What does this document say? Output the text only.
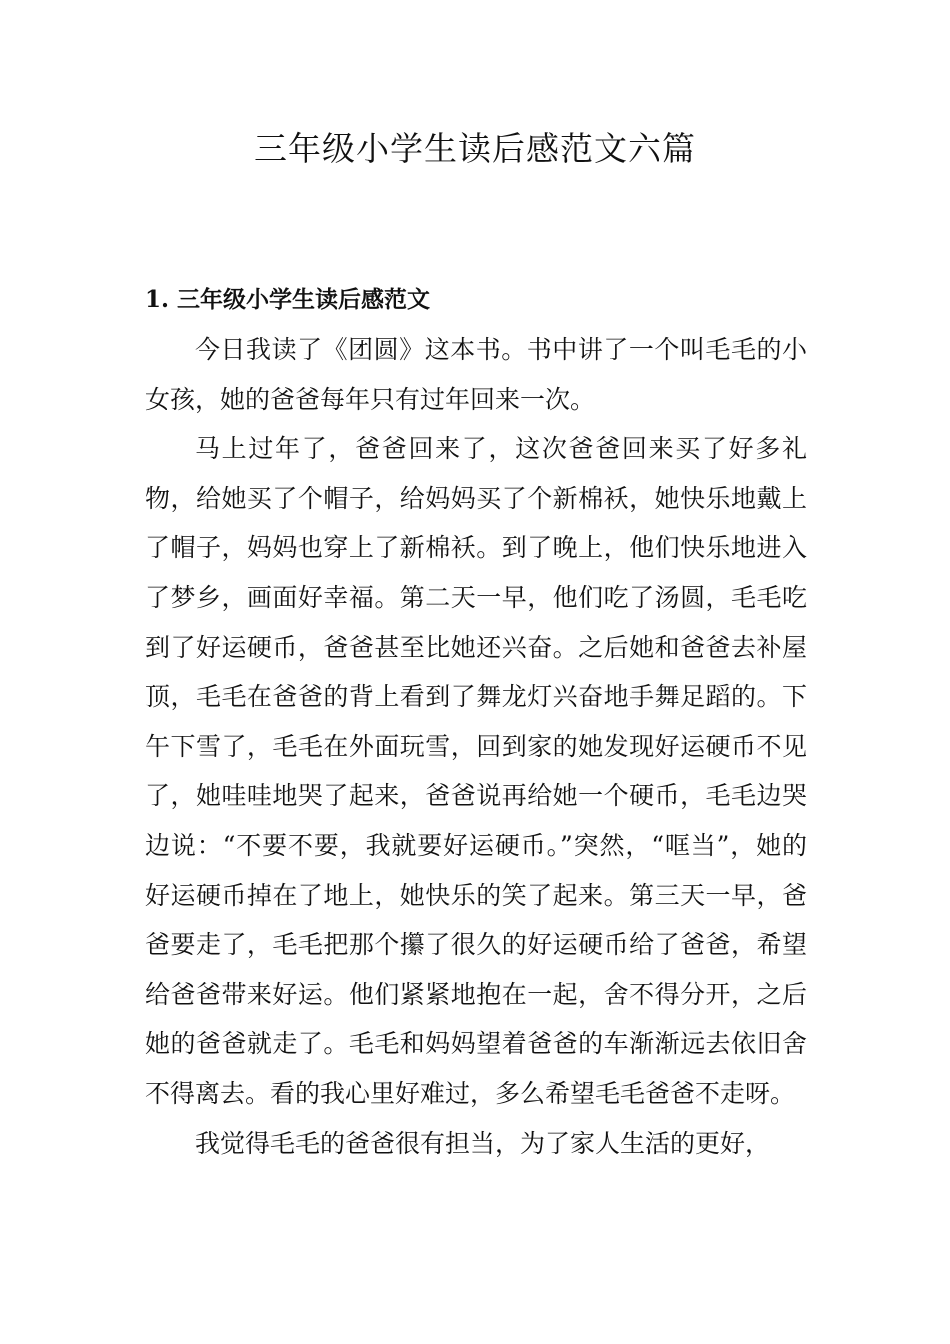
三年级小学生读后感范文六篇
1. 三年级小学生读后感范文

今日我读了《团圆》这本书。书中讲了一个叫毛毛的小女孩，她的爸爸每年只有过年回来一次。

马上过年了，爸爸回来了，这次爸爸回来买了好多礼物，给她买了个帽子，给妈妈买了个新棉袄，她快乐地戴上了帽子，妈妈也穿上了新棉袄。到了晚上，他们快乐地进入了梦乡，画面好幸福。第二天一早，他们吃了汤圆，毛毛吃到了好运硬币，爸爸甚至比她还兴奋。之后她和爸爸去补屋顶，毛毛在爸爸的背上看到了舞龙灯兴奋地手舞足蹈的。下午下雪了，毛毛在外面玩雪，回到家的她发现好运硬币不见了，她哇哇地哭了起来，爸爸说再给她一个硬币，毛毛边哭边说：“不要不要，我就要好运硬币。”突然，“哐当”，她的好运硬币掉在了地上，她快乐的笑了起来。第三天一早，爸爸要走了，毛毛把那个攥了很久的好运硬币给了爸爸，希望给爸爸带来好运。他们紧紧地抱在一起，舍不得分开，之后她的爸爸就走了。毛毛和妈妈望着爸爸的车渐渐远去依旧舍不得离去。看的我心里好难过，多么希望毛毛爸爸不走呀。

我觉得毛毛的爸爸很有担当，为了家人生活的更好，
